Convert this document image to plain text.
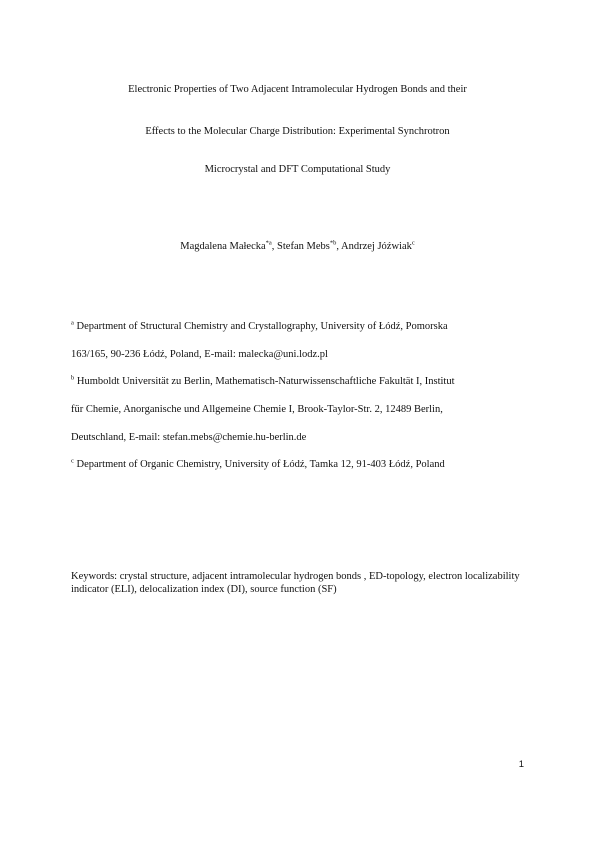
Electronic Properties of Two Adjacent Intramolecular Hydrogen Bonds and their
Effects to the Molecular Charge Distribution: Experimental Synchrotron
Microcrystal and DFT Computational Study
Magdalena Małecka$^{*a}$, Stefan Mebs$^{*b}$, Andrzej Jóźwiak$^c$
$^a$ Department of Structural Chemistry and Crystallography, University of Łódź, Pomorska
163/165, 90-236 Łódź, Poland, E-mail: malecka@uni.lodz.pl
$^b$ Humboldt Universität zu Berlin, Mathematisch-Naturwissenschaftliche Fakultät I, Institut
für Chemie, Anorganische und Allgemeine Chemie I, Brook-Taylor-Str. 2, 12489 Berlin,
Deutschland, E-mail: stefan.mebs@chemie.hu-berlin.de
$^c$ Department of Organic Chemistry, University of Łódź, Tamka 12, 91-403 Łódź, Poland
Keywords: crystal structure, adjacent intramolecular hydrogen bonds , ED-topology, electron localizability indicator (ELI), delocalization index (DI), source function (SF)
1
